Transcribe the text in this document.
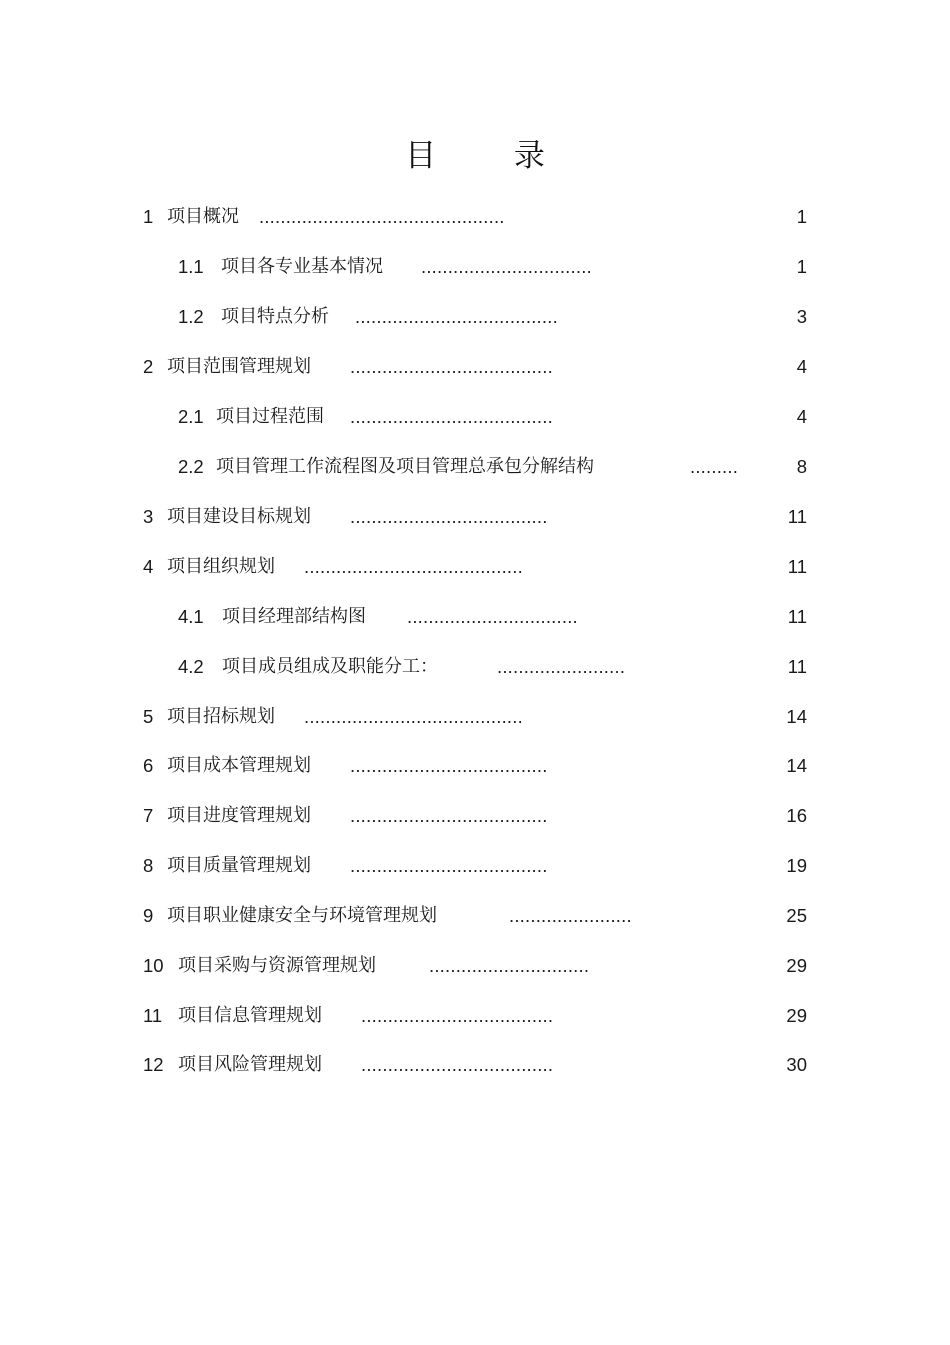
目 录
1 项目概况 ..............................................	1
1.1 项目各专业基本情况 ................................	1
1.2 项目特点分析 ......................................	3
2 项目范围管理规划 ......................................	4
2.1 项目过程范围 ......................................	4
2.2 项目管理工作流程图及项目管理总承包分解结构	.........	8
3 项目建设目标规划 .....................................	11
4 项目组织规划 .........................................	11
4.1 项目经理部结构图 ................................	11
4.2 项目成员组成及职能分工：	........................	11
5 项目招标规划 .........................................	14
6 项目成本管理规划 .....................................	14
7 项目进度管理规划 .....................................	16
8 项目质量管理规划 .....................................	19
9 项目职业健康安全与环境管理规划	.......................	25
10 项目采购与资源管理规划	..............................	29
11 项目信息管理规划 ....................................	29
12 项目风险管理规划 ....................................	30
